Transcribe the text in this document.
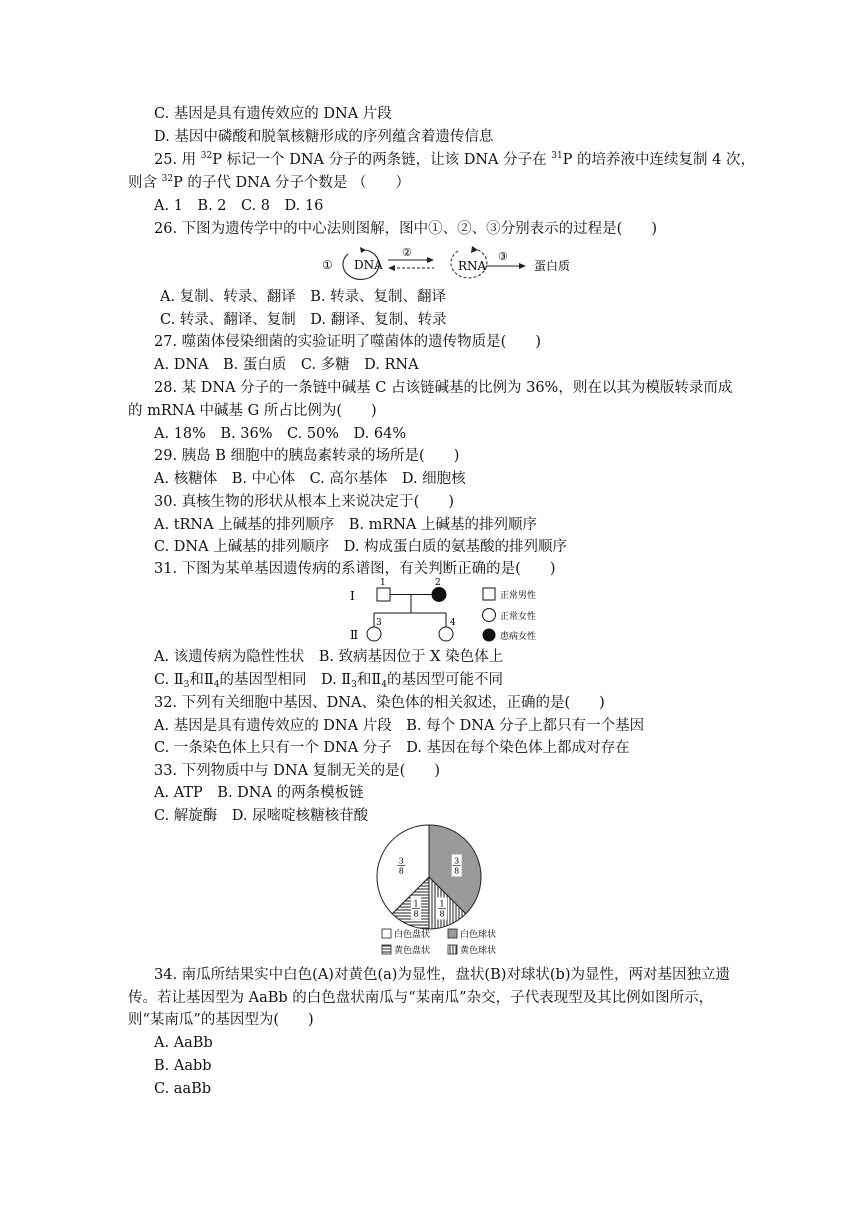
C. 基因是具有遗传效应的 DNA 片段
D. 基因中磷酸和脱氧核糖形成的序列蕴含着遗传信息
25. 用 $^{32}$P 标记一个 DNA 分子的两条链，让该 DNA 分子在 $^{31}$P 的培养液中连续复制 4 次，
则含 $^{32}$P 的子代 DNA 分子个数是 （　　）
A. 1　B. 2　C. 8　D. 16
26. 下图为遗传学中的中心法则图解，图中①、②、③分别表示的过程是(　　)
① DNA
②
RNA
③
蛋白质
A. 复制、转录、翻译　B. 转录、复制、翻译
C. 转录、翻译、复制　D. 翻译、复制、转录
27. 噬菌体侵染细菌的实验证明了噬菌体的遗传物质是(　　)
A. DNA　B. 蛋白质　C. 多糖　D. RNA
28. 某 DNA 分子的一条链中碱基 C 占该链碱基的比例为 36%，则在以其为模版转录而成
的 mRNA 中碱基 G 所占比例为(　　)
A. 18%　B. 36%　C. 50%　D. 64%
29. 胰岛 B 细胞中的胰岛素转录的场所是(　　)
A. 核糖体　B. 中心体　C. 高尔基体　D. 细胞核
30. 真核生物的形状从根本上来说决定于(　　)
A. tRNA 上碱基的排列顺序　B. mRNA 上碱基的排列顺序
C. DNA 上碱基的排列顺序　D. 构成蛋白质的氨基酸的排列顺序
31. 下图为某单基因遗传病的系谱图，有关判断正确的是(　　)
Ⅰ
Ⅱ
1	2
3	4
正常男性
正常女性
患病女性
A. 该遗传病为隐性性状　B. 致病基因位于 X 染色体上
C. $Ⅱ_3$和$Ⅱ_4$的基因型相同　D. $Ⅱ_3$和$Ⅱ_4$的基因型可能不同
32. 下列有关细胞中基因、DNA、染色体的相关叙述，正确的是(　　)
A. 基因是具有遗传效应的 DNA 片段　B. 每个 DNA 分子上都只有一个基因
C. 一条染色体上只有一个 DNA 分子　D. 基因在每个染色体上都成对存在
33. 下列物质中与 DNA 复制无关的是(　　)
A. ATP　B. DNA 的两条模板链
C. 解旋酶　D. 尿嘧啶核糖核苷酸
3
8
1
8
1
8
3
8
白色盘状	白色球状
黄色盘状	黄色球状
34. 南瓜所结果实中白色(A)对黄色(a)为显性，盘状(B)对球状(b)为显性，两对基因独立遗
传。若让基因型为 AaBb 的白色盘状南瓜与“某南瓜”杂交，子代表现型及其比例如图所示，
则“某南瓜”的基因型为(　　)
A. AaBb
B. Aabb
C. aaBb
